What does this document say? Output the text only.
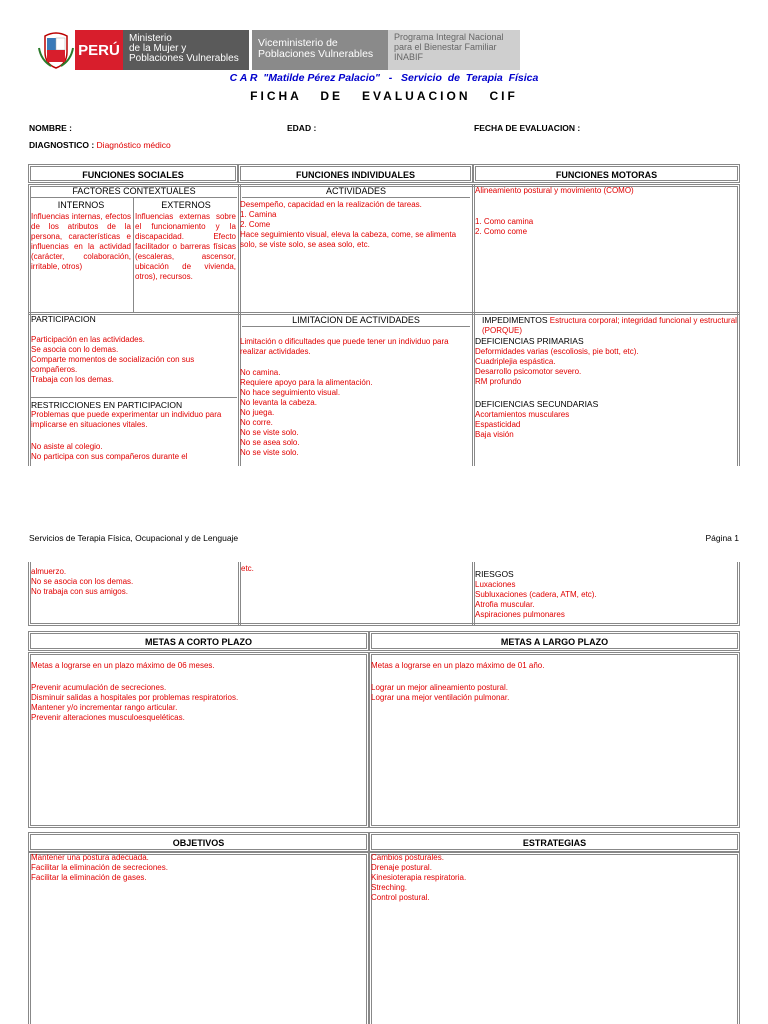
PERÚ
Ministerio
de la Mujer y
Poblaciones Vulnerables
Viceministerio de
Poblaciones Vulnerables
Programa Integral Nacional
para el Bienestar Familiar
INABIF
C A R  "Matilde Pérez Palacio"   -   Servicio  de  Terapia  Física
FICHA   DE   EVALUACION   CIF
NOMBRE :	EDAD :	FECHA DE EVALUACION :
DIAGNOSTICO : Diagnóstico médico
FUNCIONES SOCIALES	FUNCIONES INDIVIDUALES	FUNCIONES MOTORAS
FACTORES CONTEXTUALES
INTERNOS	EXTERNOS
Influencias internas, efectos de los atributos de la persona, características e influencias en la actividad (carácter, colaboración, irritable, otros)
Influencias externas sobre el funcionamiento y la discapacidad. Efecto facilitador o barreras físicas (escaleras, ascensor, ubicación de vivienda, otros), recursos.
PARTICIPACION

Participación en las actividades.

Se asocia con lo demas.

Comparte momentos de socialización con sus compañeros.

Trabaja con los demas.

RESTRICCIONES EN PARTICIPACION
Problemas que puede experimentar un individuo para implicarse en situaciones vitales.

No asiste al colegio.

No participa con sus compañeros durante el

ACTIVIDADES

Desempeño, capacidad en la realización de tareas.

1. Camina

2. Come

Hace seguimiento visual, eleva la cabeza, come, se alimenta solo, se viste solo, se asea solo, etc.

LIMITACION DE ACTIVIDADES
Limitación o dificultades que puede tener un individuo para realizar actividades.

No camina.

Requiere apoyo para la alimentación.

No hace seguimiento visual.

No levanta la cabeza.

No juega.

No corre.

No se viste solo.

No se asea solo.

No se viste solo.

Alineamiento postural y movimiento (COMO)

1. Como camina

2. Como come

IMPEDIMENTOS Estructura corporal; integridad funcional y estructural (PORQUE)
DEFICIENCIAS PRIMARIAS

Deformidades varias (escoliosis, pie bott, etc).

Cuadriplejia espástica.

Desarrollo psicomotor severo.

RM profundo

DEFICIENCIAS SECUNDARIAS

Acortamientos musculares

Espasticidad

Baja visión

Servicios de Terapia Física, Ocupacional y de Lenguaje	Página 1

almuerzo.

No se asocia con los demas.

No trabaja con sus amigos.

etc.
RIESGOS

Luxaciones

Subluxaciones (cadera, ATM, etc).

Atrofia muscular.

Aspiraciones pulmonares

METAS A CORTO PLAZO	METAS A LARGO PLAZO
Metas a lograrse en un plazo máximo de 06 meses.

Prevenir acumulación de secreciones.

Disminuir salidas a hospitales por problemas respiratorios.

Mantener y/o incrementar rango articular.

Prevenir alteraciones musculoesqueléticas.

Metas a lograrse en un plazo máximo de 01 año.

Lograr un mejor alineamiento postural.

Lograr una mejor ventilación pulmonar.

OBJETIVOS	ESTRATEGIAS

Mantener una postura adecuada.

Facilitar la eliminación de secreciones.

Facilitar la eliminación de gases.

Cambios posturales.

Drenaje postural.

Kinesioterapia respiratoria.

Streching.

Control postural.
